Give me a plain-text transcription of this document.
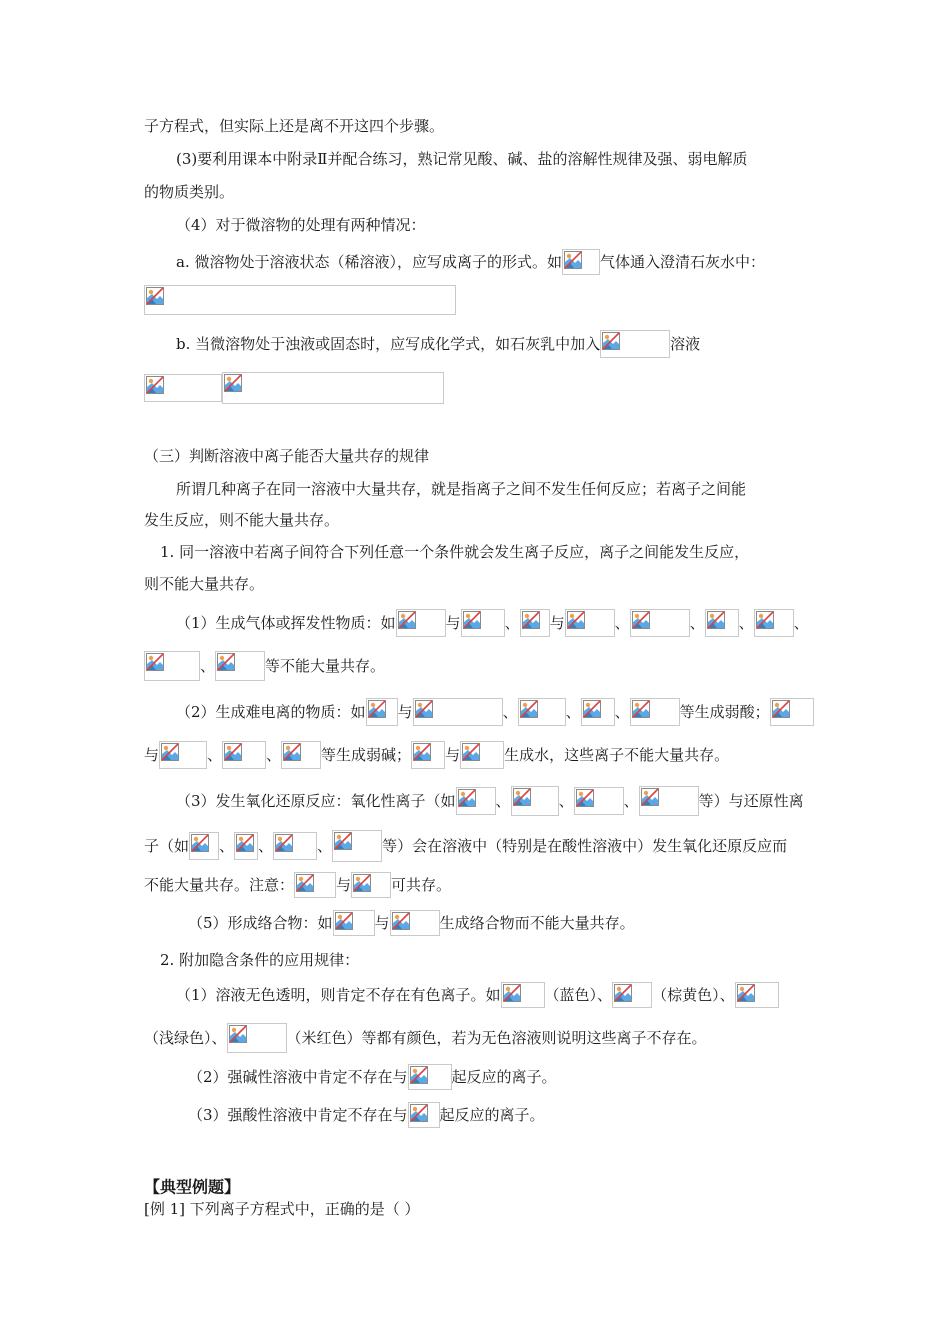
子方程式，但实际上还是离不开这四个步骤。
(3)要利用课本中附录Ⅱ并配合练习，熟记常见酸、碱、盐的溶解性规律及强、弱电解质
的物质类别。
（4）对于微溶物的处理有两种情况：
a. 微溶物处于溶液状态（稀溶液），应写成离子的形式。如	气体通入澄清石灰水中：
b. 当微溶物处于浊液或固态时，应写成化学式，如石灰乳中加入	溶液
（三）判断溶液中离子能否大量共存的规律
所谓几种离子在同一溶液中大量共存，就是指离子之间不发生任何反应；若离子之间能
发生反应，则不能大量共存。
1. 同一溶液中若离子间符合下列任意一个条件就会发生离子反应，离子之间能发生反应，
则不能大量共存。
（1）生成气体或挥发性物质：如	与	、 与	、	、 、	、
、	等不能大量共存。
（2）生成难电离的物质：如 与	、	、 、	等生成弱酸；
与	、	、	等生成弱碱； 与	生成水，这些离子不能大量共存。
（3）发生氧化还原反应：氧化性离子（如	、	、	、	等）与还原性离
子（如 、 、	、	等）会在溶液中（特别是在酸性溶液中）发生氧化还原反应而
不能大量共存。注意：	与	可共存。
（5）形成络合物：如	与	生成络合物而不能大量共存。
2. 附加隐含条件的应用规律：
（1）溶液无色透明，则肯定不存在有色离子。如	（蓝色）、	（棕黄色）、
（浅绿色）、	（米红色）等都有颜色，若为无色溶液则说明这些离子不存在。
（2）强碱性溶液中肯定不存在与	起反应的离子。
（3）强酸性溶液中肯定不存在与 起反应的离子。
【典型例题】
[例 1] 下列离子方程式中，正确的是（ ）
